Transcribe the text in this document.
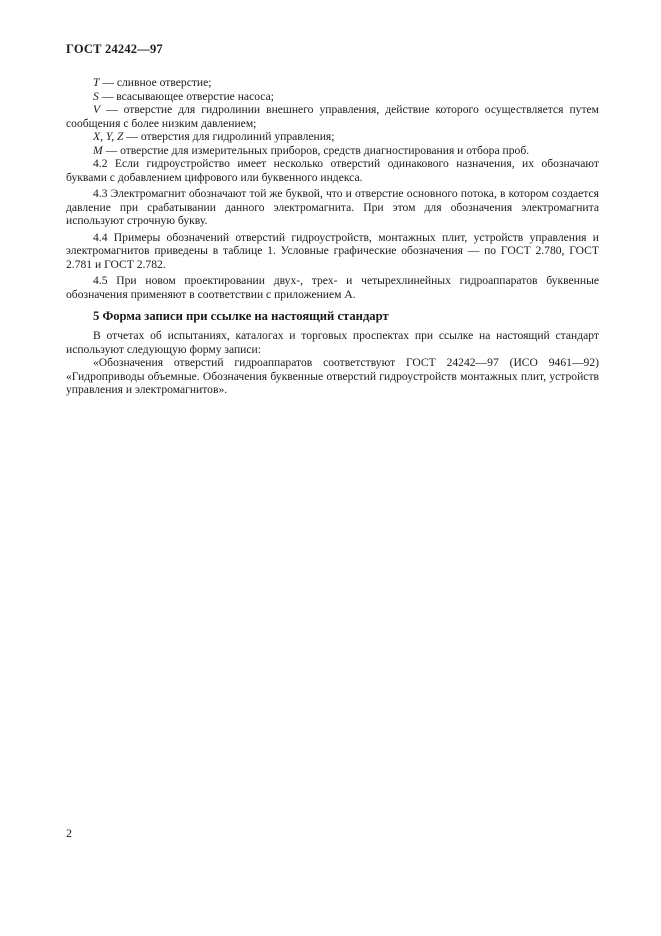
ГОСТ 24242—97

T — сливное отверстие;

S — всасывающее отверстие насоса;

V — отверстие для гидролинии внешнего управления, действие которого осуществляется путем сообщения с более низким давлением;

X, Y, Z — отверстия для гидролиний управления;

M — отверстие для измерительных приборов, средств диагностирования и отбора проб.

4.2 Если гидроустройство имеет несколько отверстий одинакового назначения, их обозначают буквами с добавлением цифрового или буквенного индекса.

4.3 Электромагнит обозначают той же буквой, что и отверстие основного потока, в котором создается давление при срабатывании данного электромагнита. При этом для обозначения электромагнита используют строчную букву.

4.4 Примеры обозначений отверстий гидроустройств, монтажных плит, устройств управления и электромагнитов приведены в таблице 1. Условные графические обозначения — по ГОСТ 2.780, ГОСТ 2.781 и ГОСТ 2.782.

4.5 При новом проектировании двух-, трех- и четырехлинейных гидроаппаратов буквенные обозначения применяют в соответствии с приложением А.

5 Форма записи при ссылке на настоящий стандарт

В отчетах об испытаниях, каталогах и торговых проспектах при ссылке на настоящий стандарт используют следующую форму записи:

«Обозначения отверстий гидроаппаратов соответствуют ГОСТ 24242—97 (ИСО 9461—92) «Гидроприводы объемные. Обозначения буквенные отверстий гидроустройств монтажных плит, устройств управления и электромагнитов».

2
